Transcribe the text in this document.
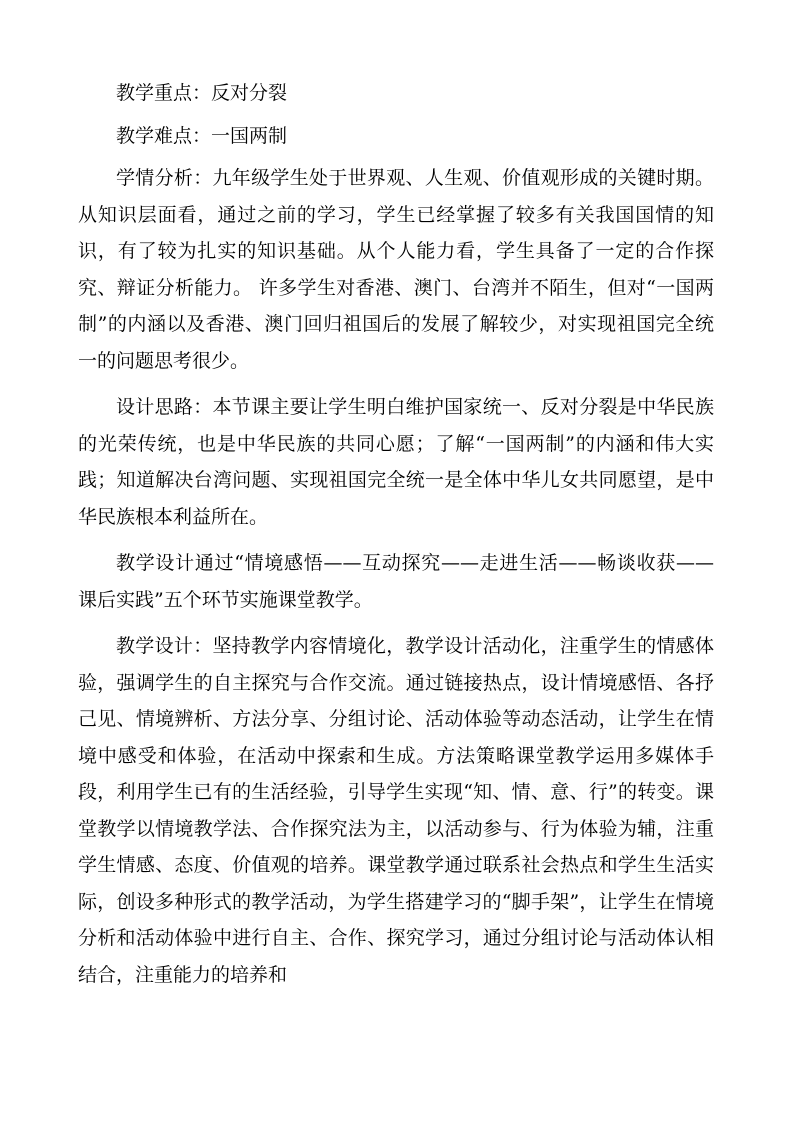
教学重点：反对分裂

教学难点：一国两制

学情分析：九年级学生处于世界观、人生观、价值观形成的关键时期。从知识层面看，通过之前的学习，学生已经掌握了较多有关我国国情的知识，有了较为扎实的知识基础。从个人能力看，学生具备了一定的合作探究、辩证分析能力。 许多学生对香港、澳门、台湾并不陌生，但对“一国两制”的内涵以及香港、澳门回归祖国后的发展了解较少，对实现祖国完全统一的问题思考很少。

设计思路：本节课主要让学生明白维护国家统一、反对分裂是中华民族的光荣传统，也是中华民族的共同心愿；了解“一国两制”的内涵和伟大实践；知道解决台湾问题、实现祖国完全统一是全体中华儿女共同愿望，是中华民族根本利益所在。

教学设计通过“情境感悟——互动探究——走进生活——畅谈收获——课后实践”五个环节实施课堂教学。

教学设计：坚持教学内容情境化，教学设计活动化，注重学生的情感体验，强调学生的自主探究与合作交流。通过链接热点，设计情境感悟、各抒己见、情境辨析、方法分享、分组讨论、活动体验等动态活动，让学生在情境中感受和体验，在活动中探索和生成。方法策略课堂教学运用多媒体手段，利用学生已有的生活经验，引导学生实现“知、情、意、行”的转变。课堂教学以情境教学法、合作探究法为主，以活动参与、行为体验为辅，注重学生情感、态度、价值观的培养。课堂教学通过联系社会热点和学生生活实际，创设多种形式的教学活动，为学生搭建学习的“脚手架”，让学生在情境分析和活动体验中进行自主、合作、探究学习，通过分组讨论与活动体认相结合，注重能力的培养和
